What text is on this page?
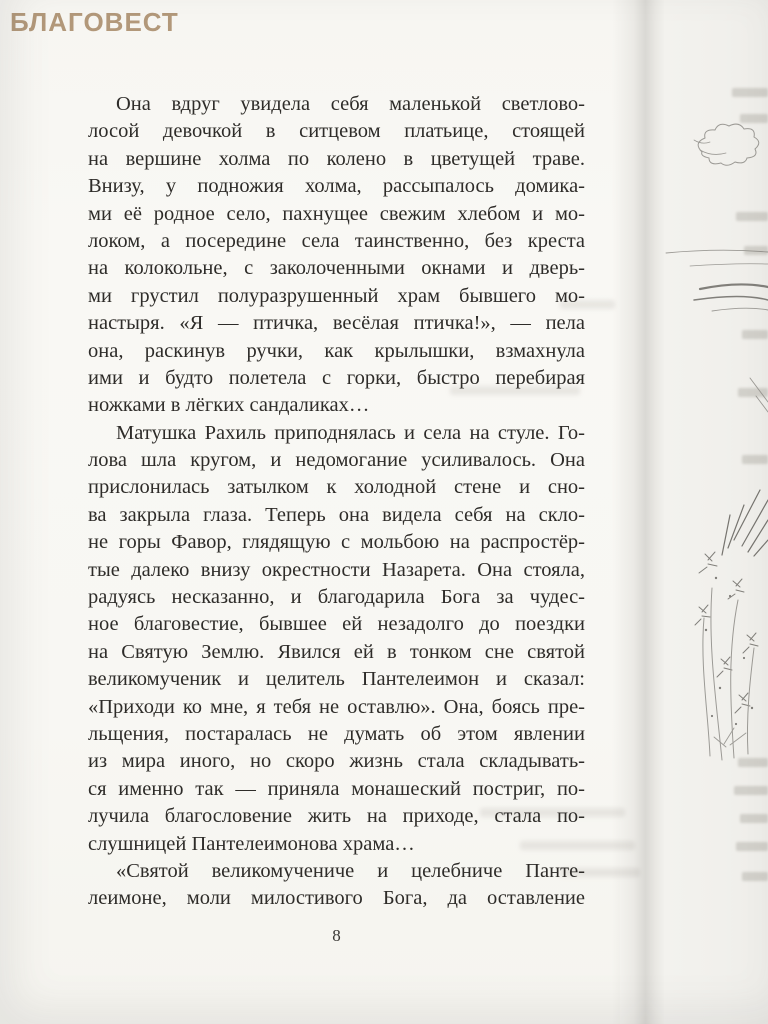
БЛАГОВЕСТ
Она вдруг увидела себя маленькой светлово-
лосой девочкой в ситцевом платьице, стоящей
на вершине холма по колено в цветущей траве.
Внизу, у подножия холма, рассыпалось домика-
ми её родное село, пахнущее свежим хлебом и мо-
локом, а посередине села таинственно, без креста
на колокольне, с заколоченными окнами и дверь-
ми грустил полуразрушенный храм бывшего мо-
настыря. «Я — птичка, весёлая птичка!», — пела
она, раскинув ручки, как крылышки, взмахнула
ими и будто полетела с горки, быстро перебирая
ножками в лёгких сандаликах…
Матушка Рахиль приподнялась и села на стуле. Го-
лова шла кругом, и недомогание усиливалось. Она
прислонилась затылком к холодной стене и сно-
ва закрыла глаза. Теперь она видела себя на скло-
не горы Фавор, глядящую с мольбою на распростёр-
тые далеко внизу окрестности Назарета. Она стояла,
радуясь несказанно, и благодарила Бога за чудес-
ное благовестие, бывшее ей незадолго до поездки
на Святую Землю. Явился ей в тонком сне святой
великомученик и целитель Пантелеимон и сказал:
«Приходи ко мне, я тебя не оставлю». Она, боясь пре-
льщения, постаралась не думать об этом явлении
из мира иного, но скоро жизнь стала складывать-
ся именно так — приняла монашеский постриг, по-
лучила благословение жить на приходе, стала по-
слушницей Пантелеимонова храма…
«Святой великомучениче и целебниче Панте-
леимоне, моли милостивого Бога, да оставление
8
